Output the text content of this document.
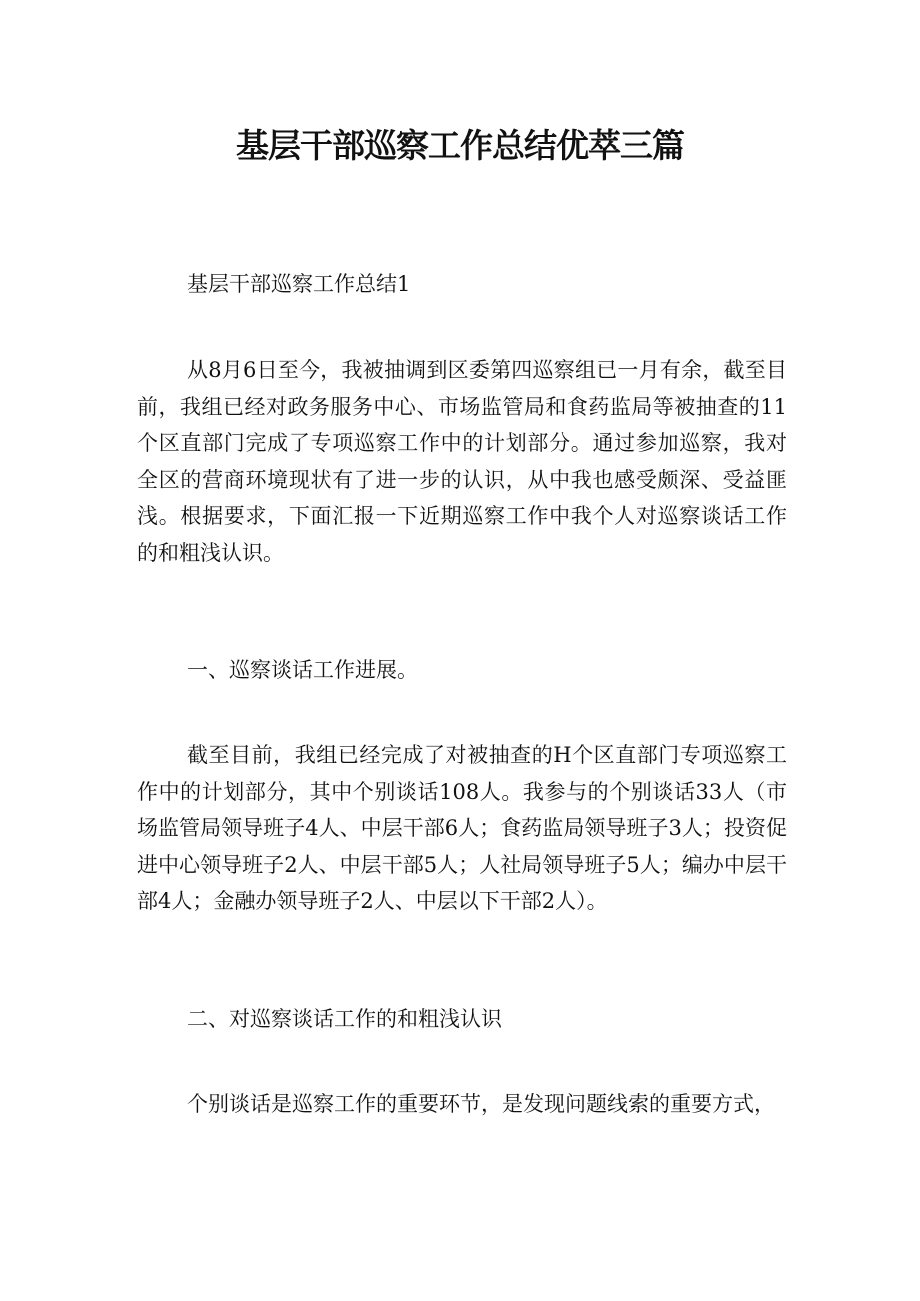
基层干部巡察工作总结优萃三篇

基层干部巡察工作总结1

从8月6日至今，我被抽调到区委第四巡察组已一月有余，截至目前，我组已经对政务服务中心、市场监管局和食药监局等被抽查的11个区直部门完成了专项巡察工作中的计划部分。通过参加巡察，我对全区的营商环境现状有了进一步的认识，从中我也感受颇深、受益匪浅。根据要求，下面汇报一下近期巡察工作中我个人对巡察谈话工作的和粗浅认识。

一、巡察谈话工作进展。

截至目前，我组已经完成了对被抽查的H个区直部门专项巡察工作中的计划部分，其中个别谈话108人。我参与的个别谈话33人（市场监管局领导班子4人、中层干部6人；食药监局领导班子3人；投资促进中心领导班子2人、中层干部5人；人社局领导班子5人；编办中层干部4人；金融办领导班子2人、中层以下干部2人）。

二、对巡察谈话工作的和粗浅认识

个别谈话是巡察工作的重要环节，是发现问题线索的重要方式，
